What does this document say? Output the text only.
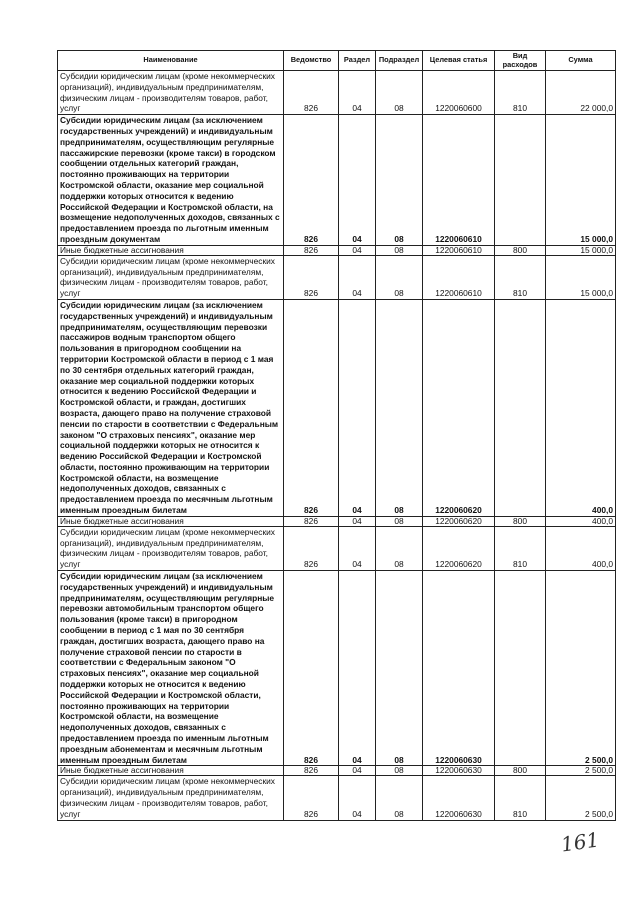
Наименование	Ведомство	Раздел	Подраздел	Целевая статья	Вид расходов	Сумма
Субсидии юридическим лицам (кроме некоммерческих организаций), индивидуальным предпринимателям, физическим лицам - производителям товаров, работ, услуг	826	04	08	1220060600	810	22 000,0
Субсидии юридическим лицам (за исключением государственных учреждений) и индивидуальным предпринимателям, осуществляющим регулярные пассажирские перевозки (кроме такси) в городском сообщении отдельных категорий граждан, постоянно проживающих на территории Костромской области, оказание мер социальной поддержки которых относится к ведению Российской Федерации и Костромской области, на возмещение недополученных доходов, связанных с предоставлением проезда по льготным именным проездным документам	826	04	08	1220060610		15 000,0
Иные бюджетные ассигнования	826	04	08	1220060610	800	15 000,0
Субсидии юридическим лицам (кроме некоммерческих организаций), индивидуальным предпринимателям, физическим лицам - производителям товаров, работ, услуг	826	04	08	1220060610	810	15 000,0
Субсидии юридическим лицам (за исключением государственных учреждений) и индивидуальным предпринимателям, осуществляющим перевозки пассажиров водным транспортом общего пользования в пригородном сообщении на территории Костромской области в период с 1 мая по 30 сентября отдельных категорий граждан, оказание мер социальной поддержки которых относится к ведению Российской Федерации и Костромской области, и граждан, достигших возраста, дающего право на получение страховой пенсии по старости в соответствии с Федеральным законом "О страховых пенсиях", оказание мер социальной поддержки которых не относится к ведению Российской Федерации и Костромской области, постоянно проживающим на территории Костромской области, на возмещение недополученных доходов, связанных с предоставлением проезда по месячным льготным именным проездным билетам	826	04	08	1220060620		400,0
Иные бюджетные ассигнования	826	04	08	1220060620	800	400,0
Субсидии юридическим лицам (кроме некоммерческих организаций), индивидуальным предпринимателям, физическим лицам - производителям товаров, работ, услуг	826	04	08	1220060620	810	400,0
Субсидии юридическим лицам (за исключением государственных учреждений) и индивидуальным предпринимателям, осуществляющим регулярные перевозки автомобильным транспортом общего пользования (кроме такси) в пригородном сообщении в период с 1 мая по 30 сентября граждан, достигших возраста, дающего право на получение страховой пенсии по старости в соответствии с Федеральным законом "О страховых пенсиях", оказание мер социальной поддержки которых не относится к ведению Российской Федерации и Костромской области, постоянно проживающих на территории Костромской области, на возмещение недополученных доходов, связанных с предоставлением проезда по именным льготным проездным абонементам и месячным льготным именным проездным билетам	826	04	08	1220060630		2 500,0
Иные бюджетные ассигнования	826	04	08	1220060630	800	2 500,0
Субсидии юридическим лицам (кроме некоммерческих организаций), индивидуальным предпринимателям, физическим лицам - производителям товаров, работ, услуг	826	04	08	1220060630	810	2 500,0
161
